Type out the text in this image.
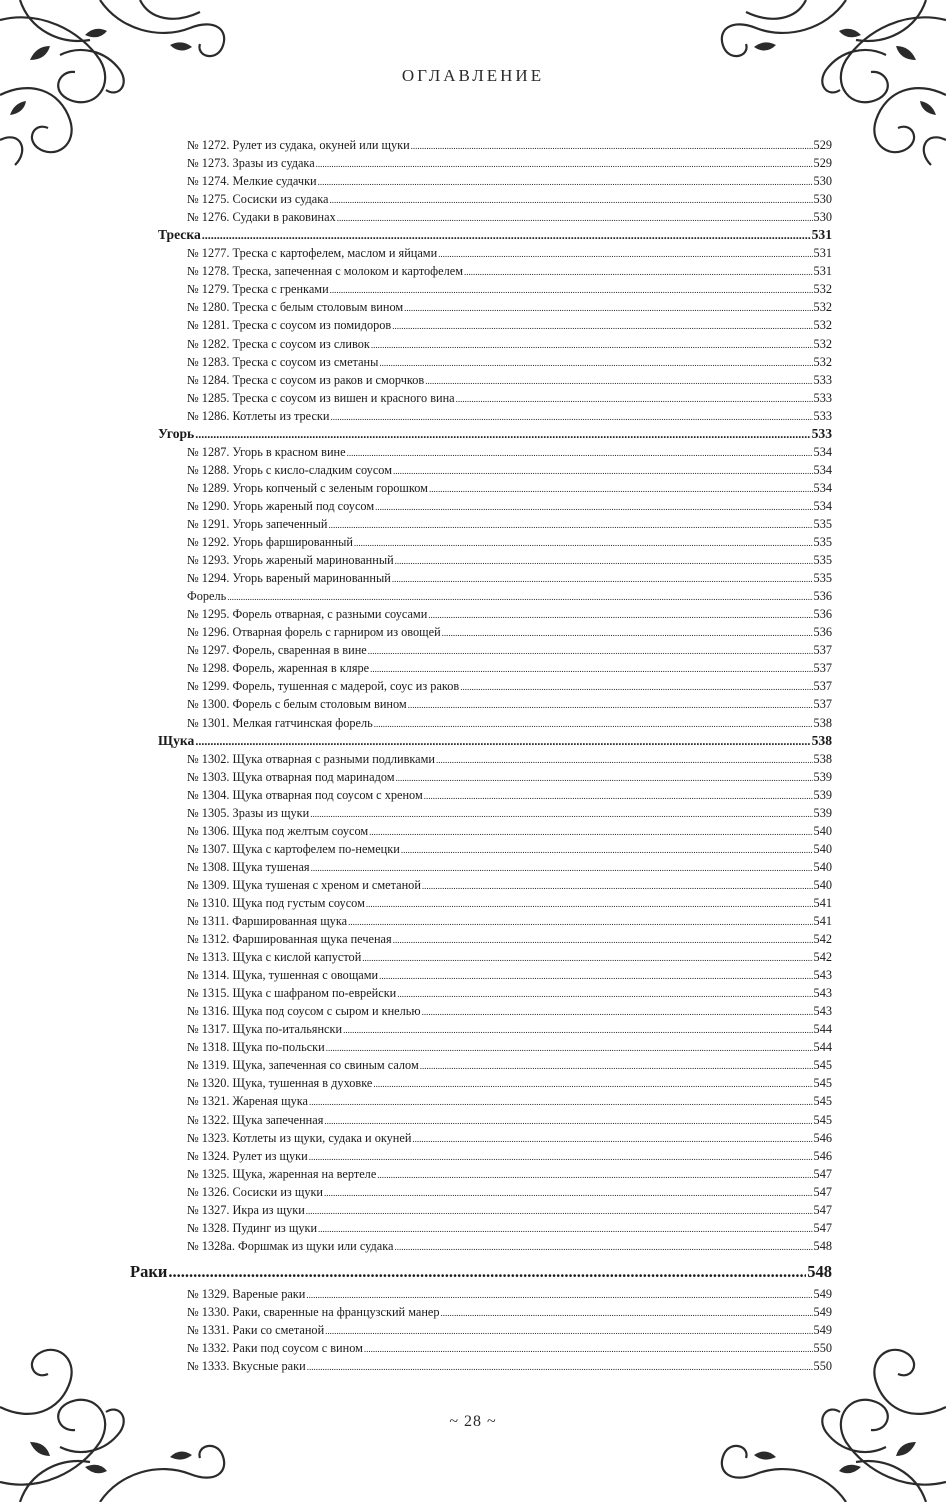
ОГЛАВЛЕНИЕ
№ 1272. Рулет из судака, окуней или щуки .....	529
№ 1273. Зразы из судака .....	529
№ 1274. Мелкие судачки .....	530
№ 1275. Сосиски из судака .....	530
№ 1276. Судаки в раковинах .....	530
Треска .....	531
№ 1277. Треска с картофелем, маслом и яйцами .....	531
№ 1278. Треска, запеченная с молоком и картофелем .....	531
№ 1279. Треска с гренками .....	532
№ 1280. Треска с белым столовым вином .....	532
№ 1281. Треска с соусом из помидоров .....	532
№ 1282. Треска с соусом из сливок .....	532
№ 1283. Треска с соусом из сметаны .....	532
№ 1284. Треска с соусом из раков и сморчков .....	533
№ 1285. Треска с соусом из вишен и красного вина .....	533
№ 1286. Котлеты из трески .....	533
Угорь .....	533
№ 1287. Угорь в красном вине .....	534
№ 1288. Угорь с кисло-сладким соусом .....	534
№ 1289. Угорь копченый с зеленым горошком .....	534
№ 1290. Угорь жареный под соусом .....	534
№ 1291. Угорь запеченный .....	535
№ 1292. Угорь фаршированный .....	535
№ 1293. Угорь жареный маринованный .....	535
№ 1294. Угорь вареный маринованный .....	535
Форель .....	536
№ 1295. Форель отварная, с разными соусами .....	536
№ 1296. Отварная форель с гарниром из овощей .....	536
№ 1297. Форель, сваренная в вине .....	537
№ 1298. Форель, жаренная в кляре .....	537
№ 1299. Форель, тушенная с мадерой, соус из раков .....	537
№ 1300. Форель с белым столовым вином .....	537
№ 1301. Мелкая гатчинская форель .....	538
Щука .....	538
№ 1302. Щука отварная с разными подливками .....	538
№ 1303. Щука отварная под маринадом .....	539
№ 1304. Щука отварная под соусом с хреном .....	539
№ 1305. Зразы из щуки .....	539
№ 1306. Щука под желтым соусом .....	540
№ 1307. Щука с картофелем по-немецки .....	540
№ 1308. Щука тушеная .....	540
№ 1309. Щука тушеная с хреном и сметаной .....	540
№ 1310. Щука под густым соусом .....	541
№ 1311. Фаршированная щука .....	541
№ 1312. Фаршированная щука печеная .....	542
№ 1313. Щука с кислой капустой .....	542
№ 1314. Щука, тушенная с овощами .....	543
№ 1315. Щука с шафраном по-еврейски .....	543
№ 1316. Щука под соусом с сыром и кнелью .....	543
№ 1317. Щука по-итальянски .....	544
№ 1318. Щука по-польски .....	544
№ 1319. Щука, запеченная со свиным салом .....	545
№ 1320. Щука, тушенная в духовке .....	545
№ 1321. Жареная щука .....	545
№ 1322. Щука запеченная .....	545
№ 1323. Котлеты из щуки, судака и окуней .....	546
№ 1324. Рулет из щуки .....	546
№ 1325. Щука, жаренная на вертеле .....	547
№ 1326. Сосиски из щуки .....	547
№ 1327. Икра из щуки .....	547
№ 1328. Пудинг из щуки .....	547
№ 1328а. Форшмак из щуки или судака .....	548
Раки .....	548
№ 1329. Вареные раки .....	549
№ 1330. Раки, сваренные на французский манер .....	549
№ 1331. Раки со сметаной .....	549
№ 1332. Раки под соусом с вином .....	550
№ 1333. Вкусные раки .....	550
~ 28 ~
